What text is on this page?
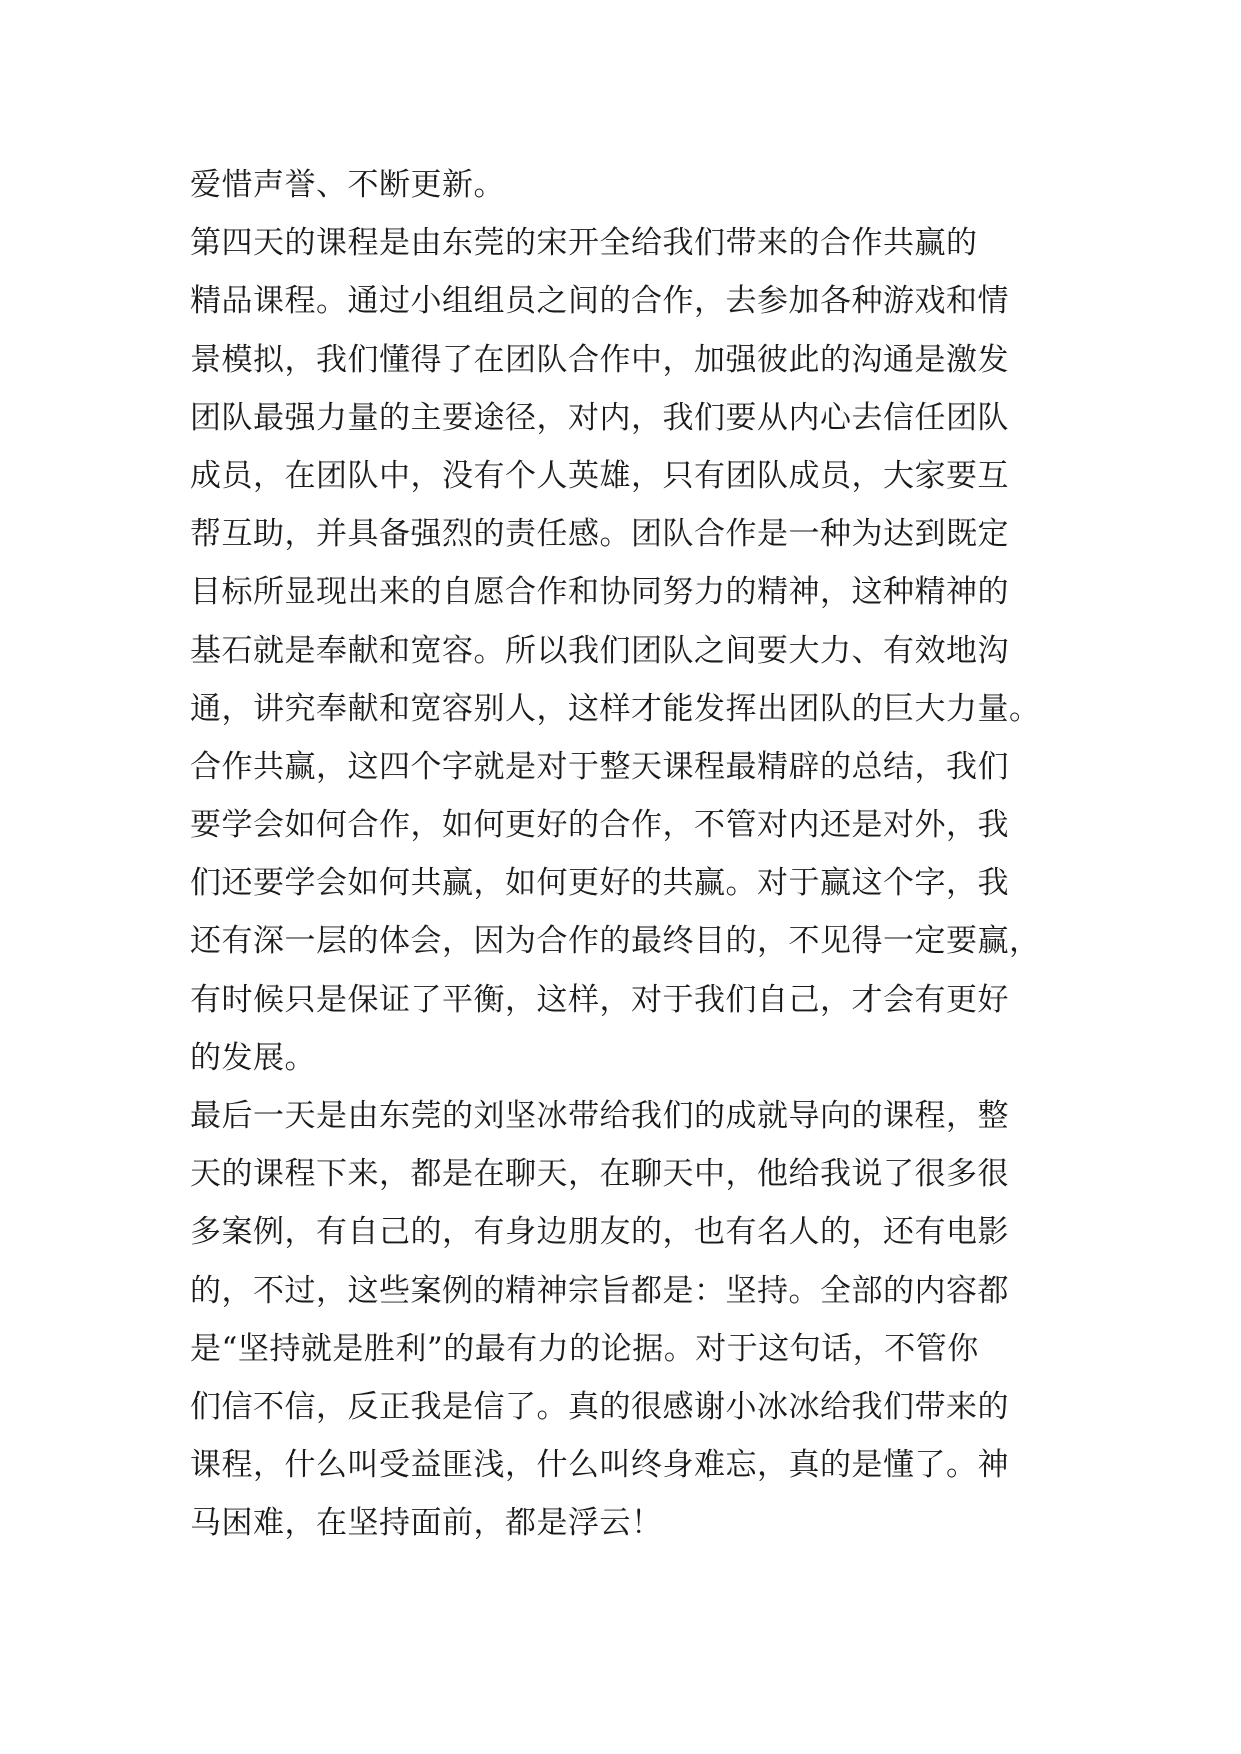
爱惜声誉、不断更新。
第四天的课程是由东莞的宋开全给我们带来的合作共赢的
精品课程。通过小组组员之间的合作，去参加各种游戏和情
景模拟，我们懂得了在团队合作中，加强彼此的沟通是激发
团队最强力量的主要途径，对内，我们要从内心去信任团队
成员，在团队中，没有个人英雄，只有团队成员，大家要互
帮互助，并具备强烈的责任感。团队合作是一种为达到既定
目标所显现出来的自愿合作和协同努力的精神，这种精神的
基石就是奉献和宽容。所以我们团队之间要大力、有效地沟
通，讲究奉献和宽容别人，这样才能发挥出团队的巨大力量。
合作共赢，这四个字就是对于整天课程最精辟的总结，我们
要学会如何合作，如何更好的合作，不管对内还是对外，我
们还要学会如何共赢，如何更好的共赢。对于赢这个字，我
还有深一层的体会，因为合作的最终目的，不见得一定要赢，
有时候只是保证了平衡，这样，对于我们自己，才会有更好
的发展。
最后一天是由东莞的刘坚冰带给我们的成就导向的课程，整
天的课程下来，都是在聊天，在聊天中，他给我说了很多很
多案例，有自己的，有身边朋友的，也有名人的，还有电影
的，不过，这些案例的精神宗旨都是：坚持。全部的内容都
是“坚持就是胜利”的最有力的论据。对于这句话，不管你
们信不信，反正我是信了。真的很感谢小冰冰给我们带来的
课程，什么叫受益匪浅，什么叫终身难忘，真的是懂了。神
马困难，在坚持面前，都是浮云！
